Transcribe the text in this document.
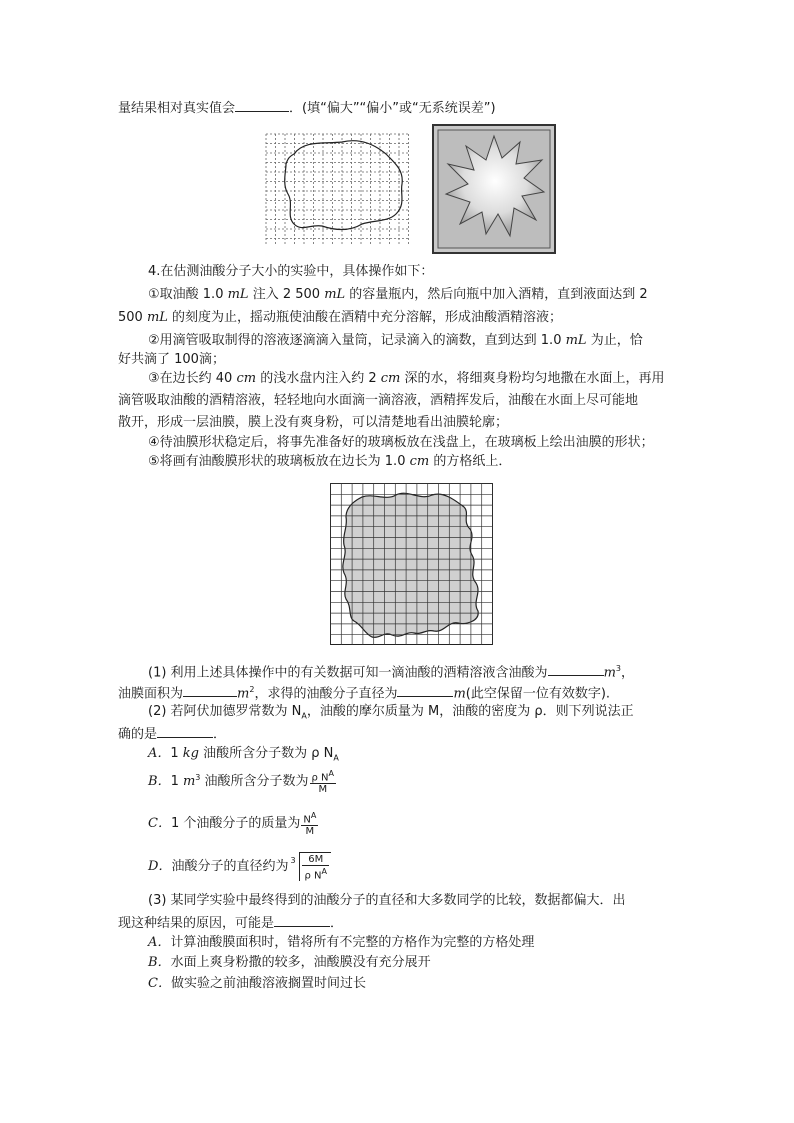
量结果相对真实值会	．(填“偏大”“偏小”或“无系统误差”)
4.在估测油酸分子大小的实验中，具体操作如下：
①取油酸 1.0 mL 注入 2 500 mL 的容量瓶内，然后向瓶中加入酒精，直到液面达到 2
500 mL 的刻度为止，摇动瓶使油酸在酒精中充分溶解，形成油酸酒精溶液；
②用滴管吸取制得的溶液逐滴滴入量筒，记录滴入的滴数，直到达到 1.0 mL 为止，恰
好共滴了 100滴；
③在边长约 40 cm 的浅水盘内注入约 2 cm 深的水，将细爽身粉均匀地撒在水面上，再用
滴管吸取油酸的酒精溶液，轻轻地向水面滴一滴溶液，酒精挥发后，油酸在水面上尽可能地
散开，形成一层油膜，膜上没有爽身粉，可以清楚地看出油膜轮廓；
④待油膜形状稳定后，将事先准备好的玻璃板放在浅盘上，在玻璃板上绘出油膜的形状；
⑤将画有油酸膜形状的玻璃板放在边长为 1.0 cm 的方格纸上．
(1) 利用上述具体操作中的有关数据可知一滴油酸的酒精溶液含油酸为	$m^3$，
油膜面积为	$m^2$，求得的油酸分子直径为	m(此空保留一位有效数字).
(2) 若阿伏加德罗常数为 $N_A$，油酸的摩尔质量为 M，油酸的密度为 ρ．则下列说法正
确的是	．
A．1 kg 油酸所含分子数为 ρ $N_A$
B．1 $m^3$ 油酸所含分子数为 $\frac{\rho N^A}{M}$
C．1 个油酸分子的质量为 $\frac{N^A}{M}$
D．油酸分子的直径约为 $3 \frac{6M}{\rho N^A}$
(3) 某同学实验中最终得到的油酸分子的直径和大多数同学的比较，数据都偏大．出
现这种结果的原因，可能是	．
A．计算油酸膜面积时，错将所有不完整的方格作为完整的方格处理
B．水面上爽身粉撒的较多，油酸膜没有充分展开
C．做实验之前油酸溶液搁置时间过长
